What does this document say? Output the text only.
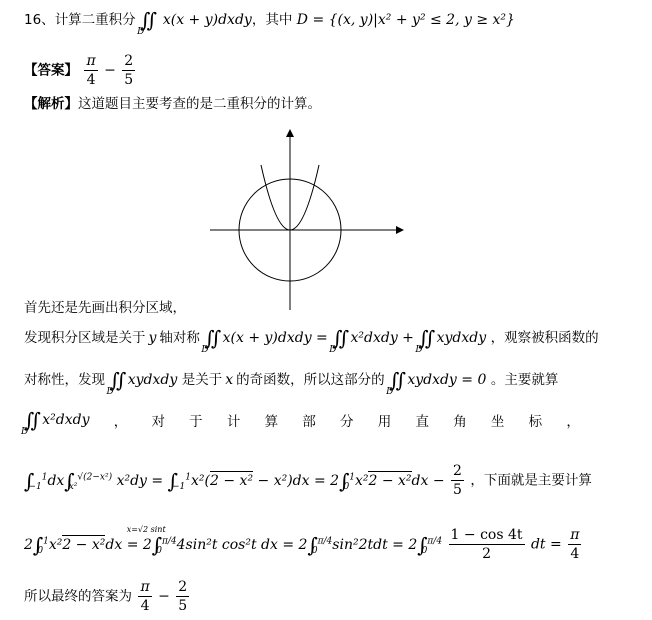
16、计算二重积分 $∬_D$ x(x + y)dxdy，其中 D = {(x, y)|x² + y² ≤ 2, y ≥ x²}
【答案】 $\frac{\pi}{4} - \frac{2}{5}$
【解析】这道题目主要考查的是二重积分的计算。
首先还是先画出积分区域，
发现积分区域是关于 y 轴对称 $∬_Dx(x$ + y)dxdy = $∬_Dx^2dxdy$ + $∬_Dxydxdy$ ，观察被积函数的
对称性，发现 $∬_Dxydxdy$ 是关于 x 的奇函数，所以这部分的 $∬_Dxydxdy = 0$ 。主要就算
$∬_Dx^2dxdy$ ， 对 于 计 算 部 分 用 直 角 坐 标 ，
$\int_{-1}^1dx\int_{x^2}^{√(2-x^2)}$ $x^2dy = \int_{-1}^1x^2(2 - x^2 - x^2)dx = 2\int_0^1x^22 - x^2dx - \frac{2}{5}$ ，下面就是主要计算
$2\int_0^1x^22 - x^2dx$
x=√2 sint
= $2\int_0^{\pi/4}4\sin^2t$ cos²t dx = $2\int_0^{\pi/4}\sin^22tdt = 2\int_0^{\pi/4} \frac{1 - \cos 4t}{2}$ dt = $\frac{\pi}{4}$
所以最终的答案为 $\frac{\pi}{4} - \frac{2}{5}$
